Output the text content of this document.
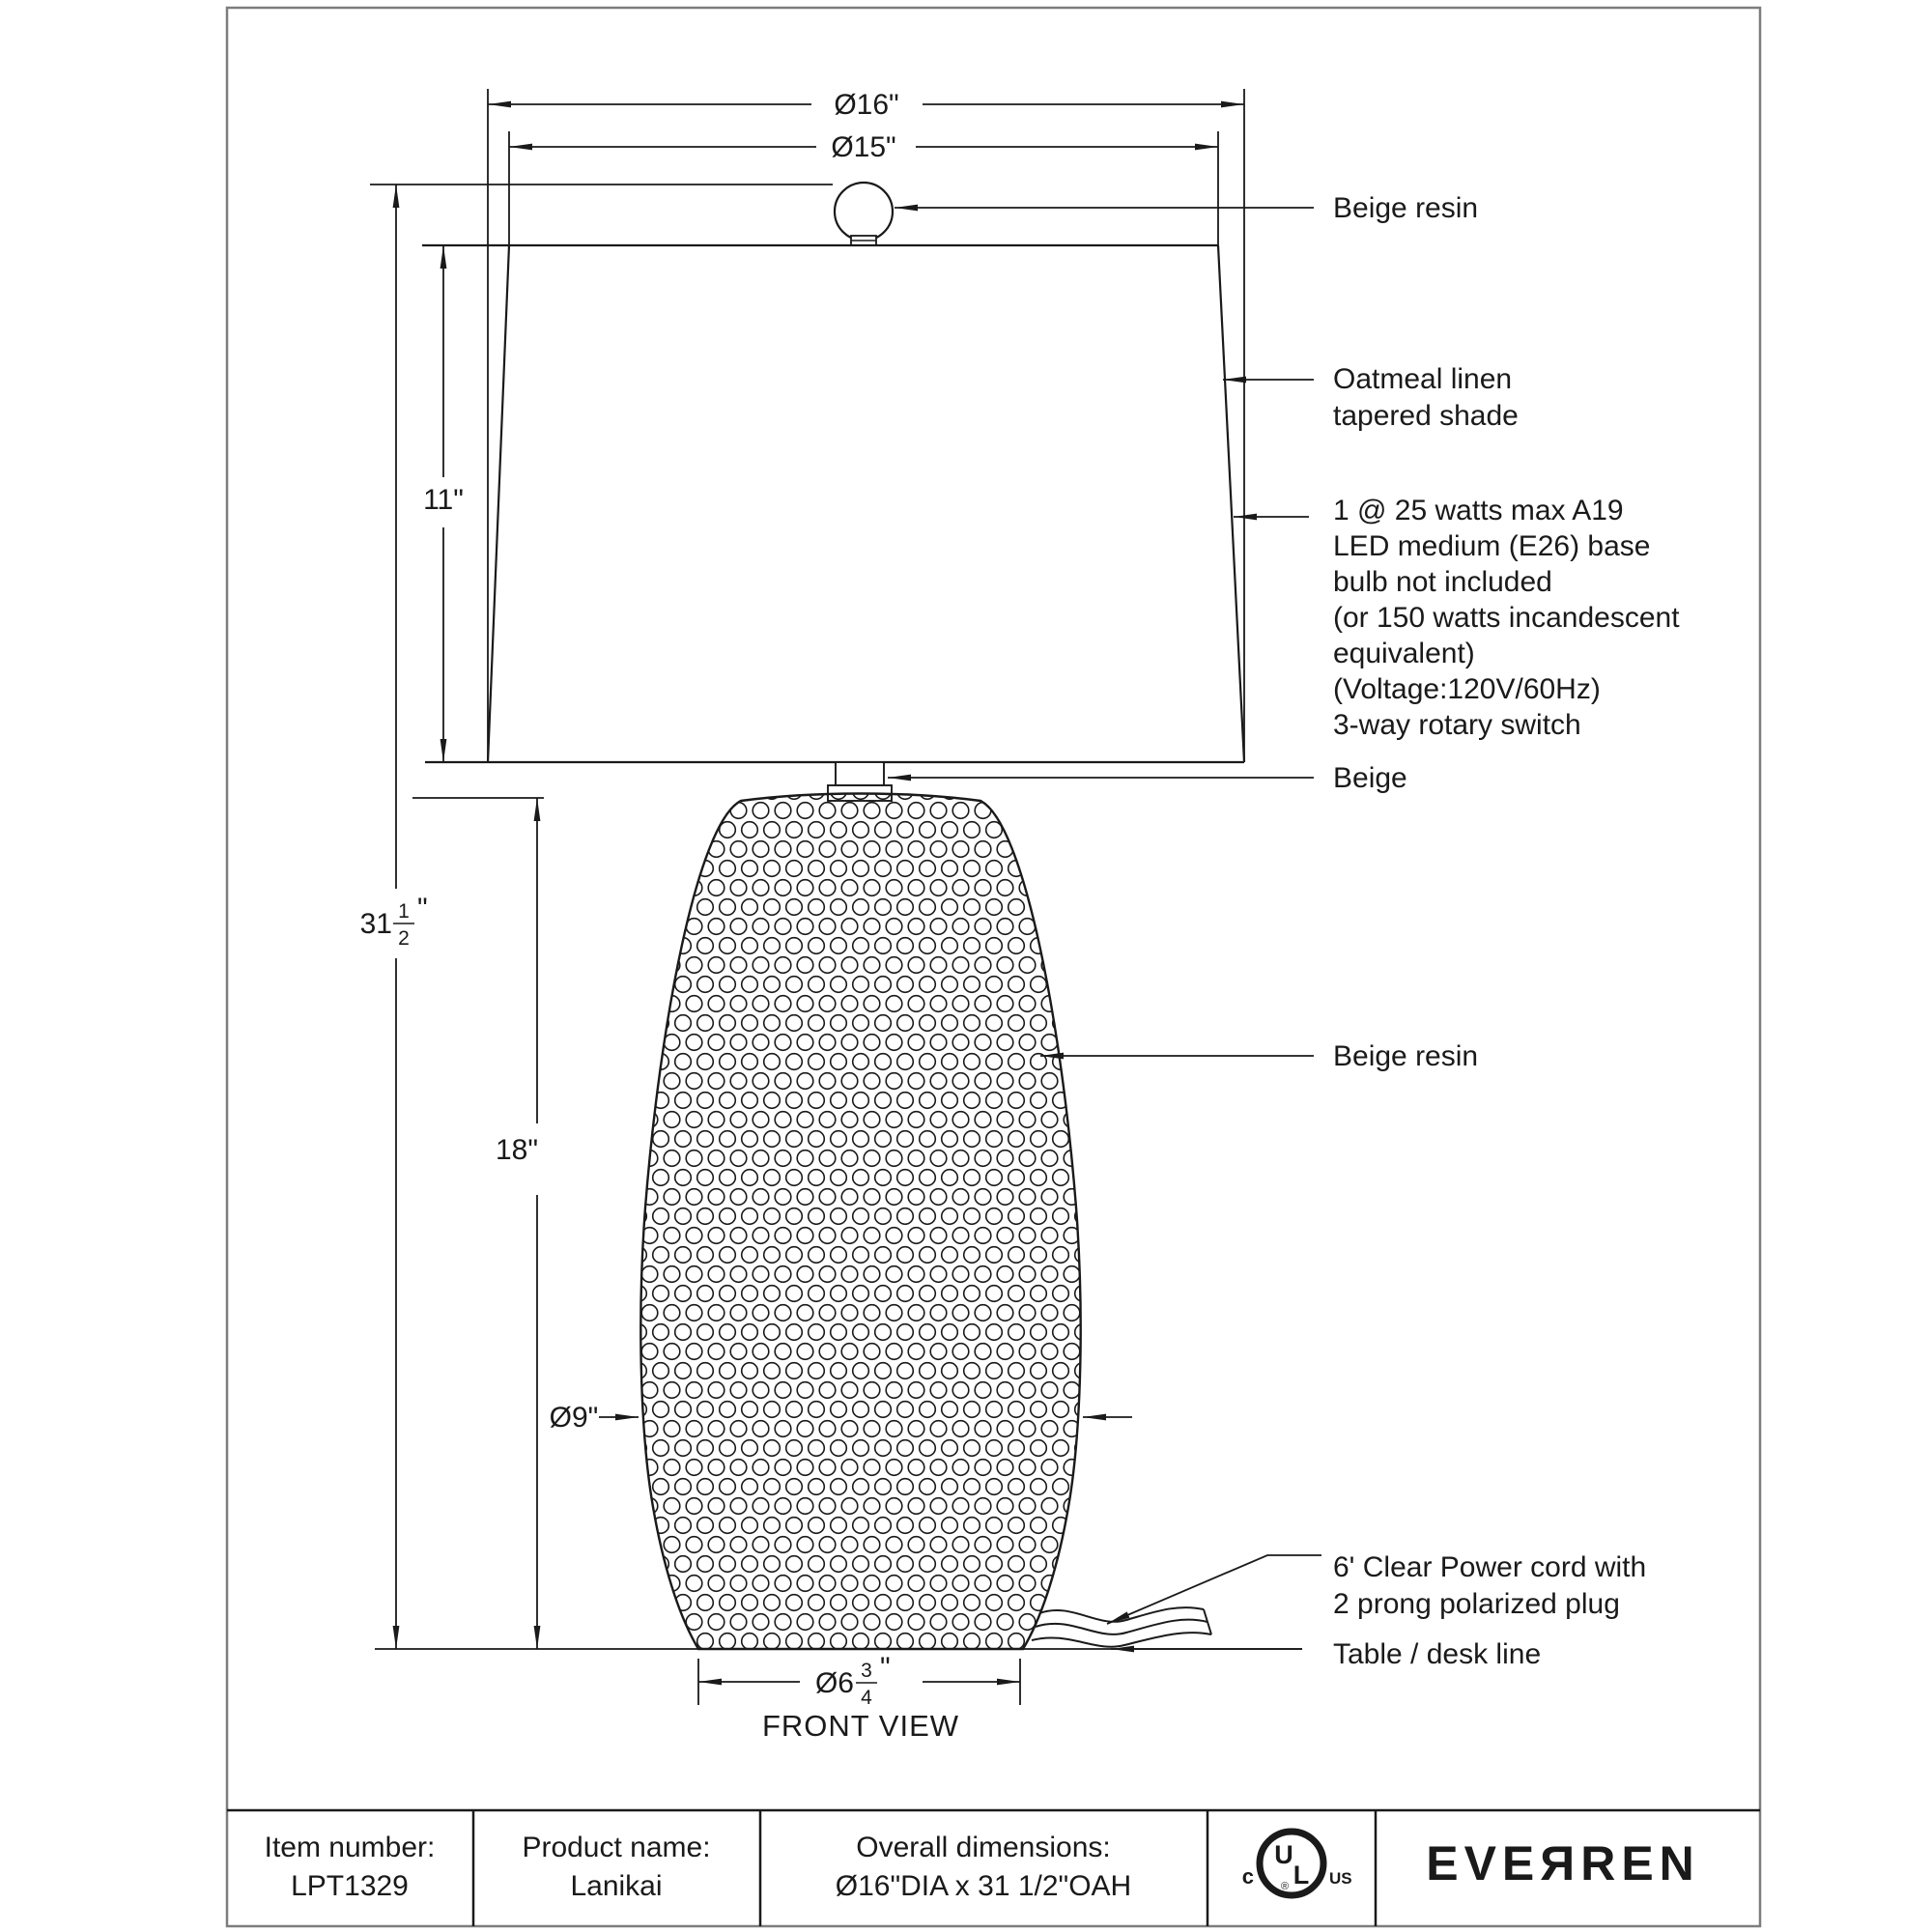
Ø16"
Ø15"
11"
18"
Ø9"
31 1
2
"
Ø6 3
4
"
Beige resin
Oatmeal linen
tapered shade
1 @ 25 watts max A19
LED medium (E26) base
bulb not included
(or 150 watts incandescent
equivalent)
(Voltage:120V/60Hz)
3-way rotary switch
Beige
Beige resin
6' Clear Power cord with
2 prong polarized plug
Table / desk line
FRONT VIEW
Item number:
LPT1329
Product name:
Lanikai
Overall dimensions:
Ø16"DIA x 31 1/2"OAH
U
L
c	US
®	EVEЯREN
